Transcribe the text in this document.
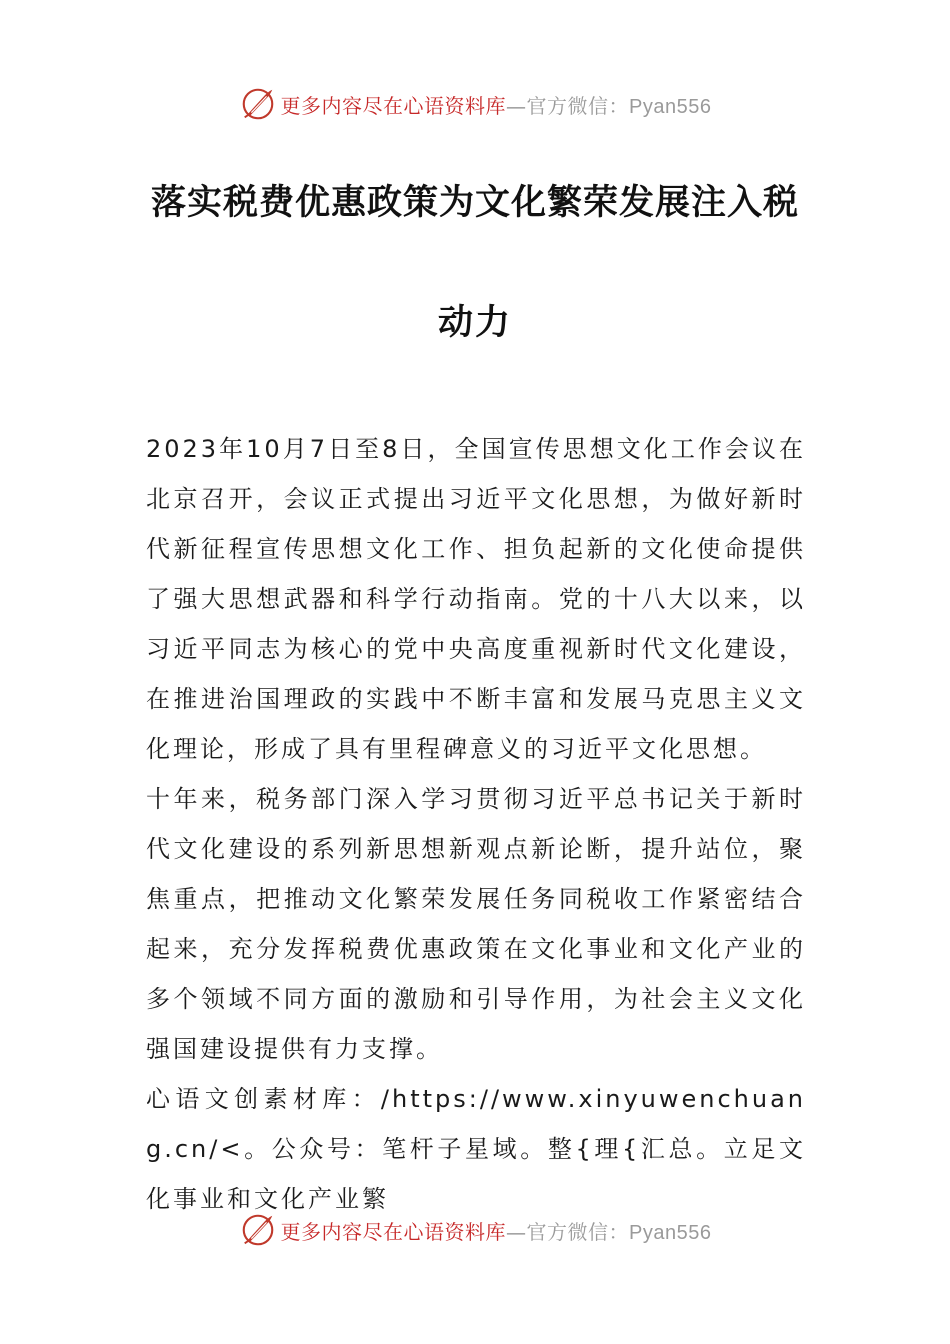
更多内容尽在心语资料库—官方微信：Pyan556
落实税费优惠政策为文化繁荣发展注入税
动力

2023年10月7日至8日，全国宣传思想文化工作会议在北京召开，会议正式提出习近平文化思想，为做好新时代新征程宣传思想文化工作、担负起新的文化使命提供了强大思想武器和科学行动指南。党的十八大以来，以习近平同志为核心的党中央高度重视新时代文化建设，在推进治国理政的实践中不断丰富和发展马克思主义文化理论，形成了具有里程碑意义的习近平文化思想。

十年来，税务部门深入学习贯彻习近平总书记关于新时代文化建设的系列新思想新观点新论断，提升站位，聚焦重点，把推动文化繁荣发展任务同税收工作紧密结合起来，充分发挥税费优惠政策在文化事业和文化产业的多个领域不同方面的激励和引导作用，为社会主义文化强国建设提供有力支撑。

心语文创素材库：/https://www.xinyuwenchuang.cn/<。公众号：笔杆子星域。整{理{汇总。立足文化事业和文化产业繁

更多内容尽在心语资料库—官方微信：Pyan556
